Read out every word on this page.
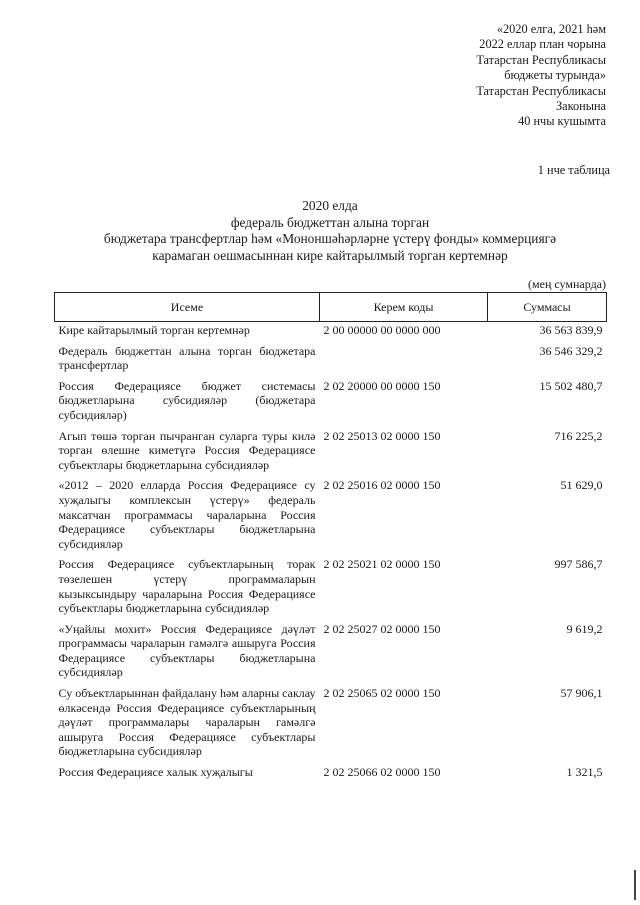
«2020 елга, 2021 һәм
2022 еллар план чорына
Татарстан Республикасы
бюджеты турында»
Татарстан Республикасы
Законына
40 нчы кушымта
1 нче таблица
2020 елда
федераль бюджеттан алына торган
бюджетара трансфертлар һәм «Мононшәһәрләрне үстерү фонды» коммерциягә
карамаган оешмасыннан кире кайтарылмый торган кертемнәр
(мең сумнарда)
Исеме	Керем коды	Суммасы
Кире кайтарылмый торган кертемнәр	2 00 00000 00 0000 000	36 563 839,9
Федераль бюджеттан алына торган бюджетара трансфертлар		36 546 329,2
Россия Федерациясе бюджет системасы бюджетларына субсидияләр (бюджетара субсидияләр)	2 02 20000 00 0000 150	15 502 480,7
Агып төшә торган пычранган суларга туры килә торган өлешне киметүгә Россия Федерациясе субъектлары бюджетларына субсидияләр	2 02 25013 02 0000 150	716 225,2
«2012 – 2020 елларда Россия Федерациясе су хуҗалыгы комплексын үстерү» федераль максатчан программасы чараларына Россия Федерациясе субъектлары бюджетларына субсидияләр	2 02 25016 02 0000 150	51 629,0
Россия Федерациясе субъектларының торак төзелешен үстерү программаларын кызыксындыру чараларына Россия Федерациясе субъектлары бюджетларына субсидияләр	2 02 25021 02 0000 150	997 586,7
«Уңайлы мохит» Россия Федерациясе дәүләт программасы чараларын гамәлгә ашыруга Россия Федерациясе субъектлары бюджетларына субсидияләр	2 02 25027 02 0000 150	9 619,2
Су объектларыннан файдалану һәм аларны саклау өлкәсендә Россия Федерациясе субъектларының дәүләт программалары чараларын гамәлгә ашыруга Россия Федерациясе субъектлары бюджетларына субсидияләр	2 02 25065 02 0000 150	57 906,1
Россия Федерациясе халык хуҗалыгы	2 02 25066 02 0000 150	1 321,5
